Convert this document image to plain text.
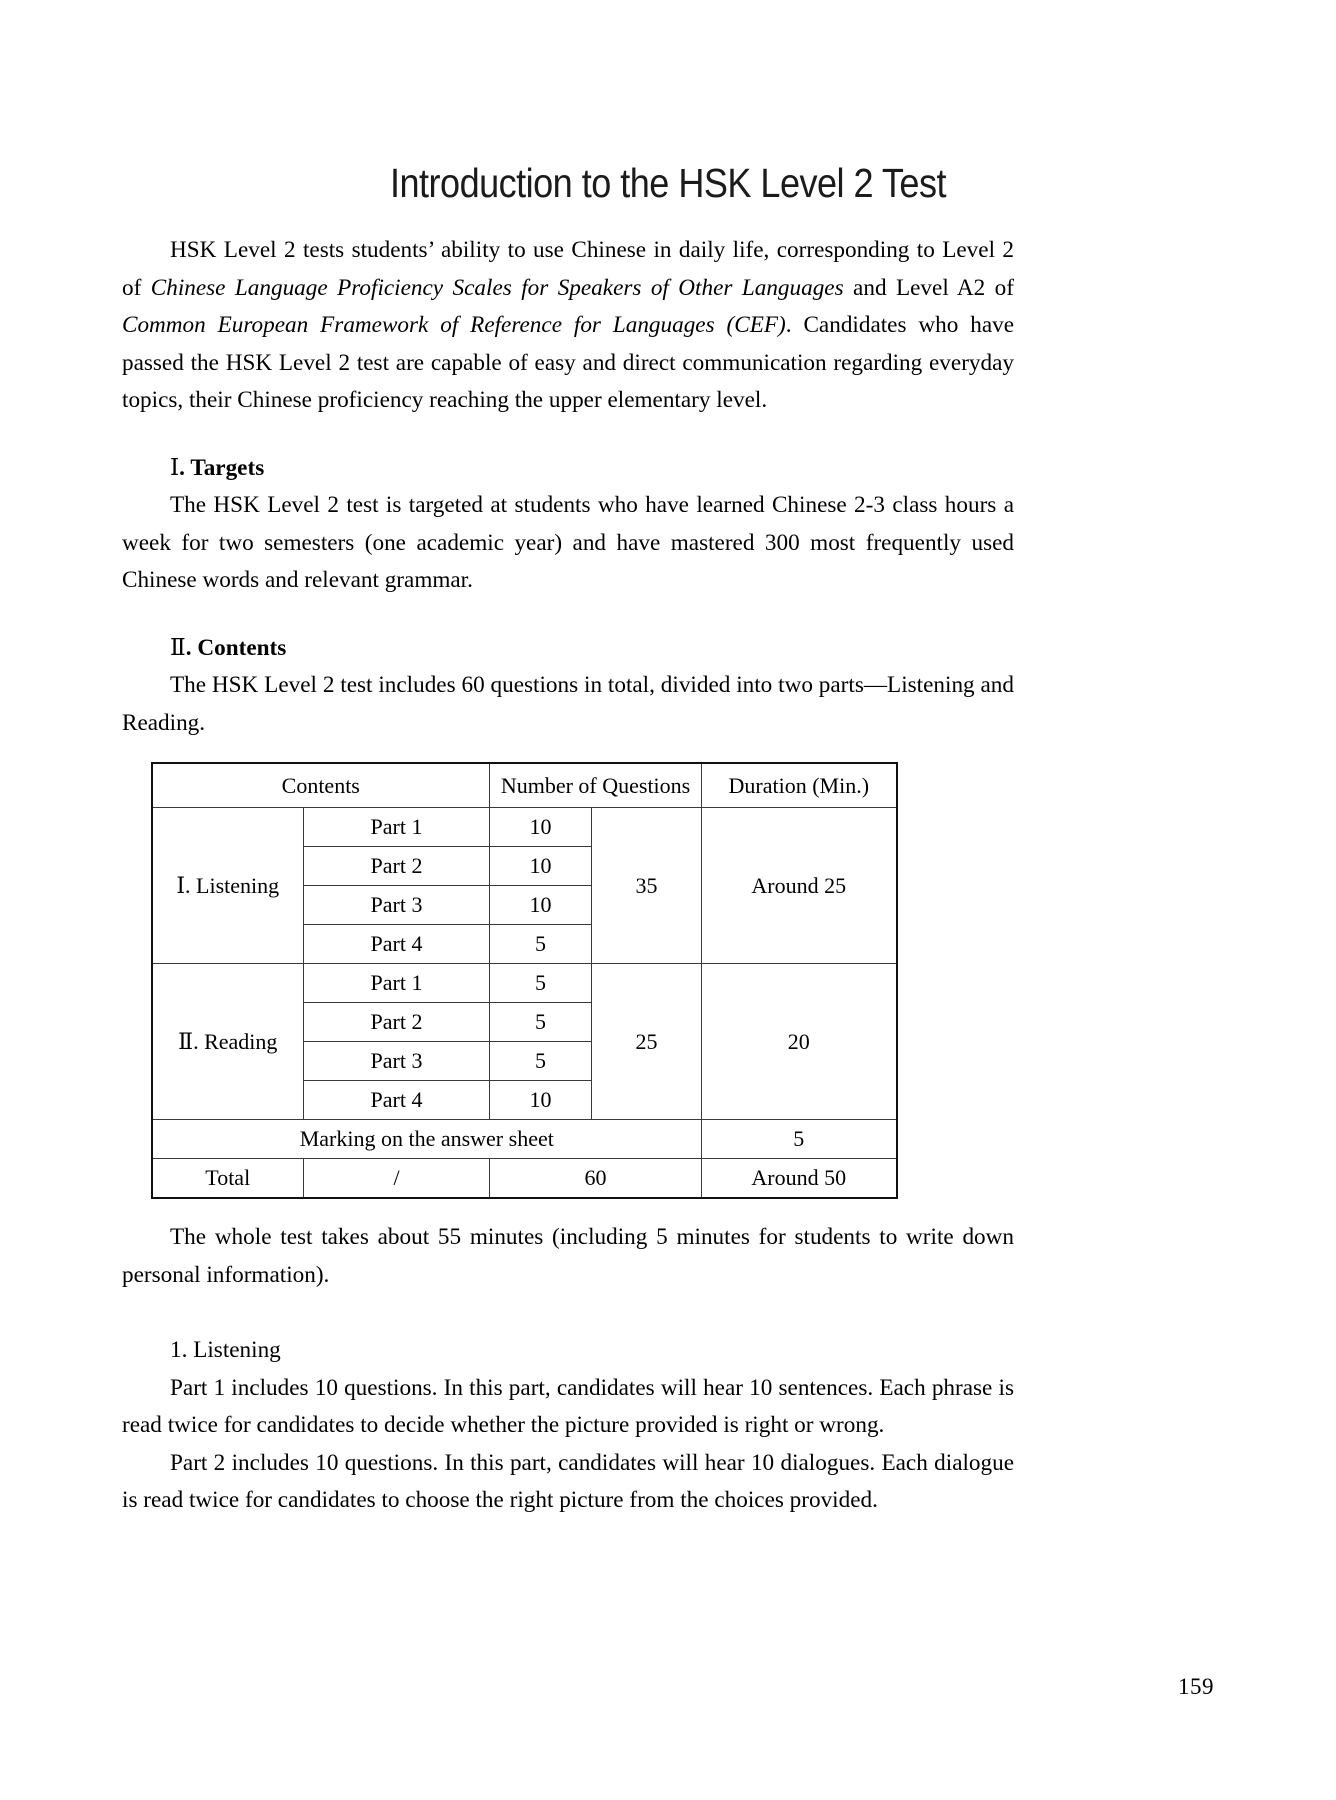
Introduction to the HSK Level 2 Test

HSK Level 2 tests students’ ability to use Chinese in daily life, corresponding to Level 2 of Chinese Language Proficiency Scales for Speakers of Other Languages and Level A2 of Common European Framework of Reference for Languages (CEF). Candidates who have passed the HSK Level 2 test are capable of easy and direct communication regarding everyday topics, their Chinese proficiency reaching the upper elementary level.

Ⅰ. Targets

The HSK Level 2 test is targeted at students who have learned Chinese 2-3 class hours a week for two semesters (one academic year) and have mastered 300 most frequently used Chinese words and relevant grammar.

Ⅱ. Contents

The HSK Level 2 test includes 60 questions in total, divided into two parts—Listening and Reading.

Contents		Number of Questions		Duration (Min.)
Ⅰ. Listening	Part 1	10	35	Around 25
	Part 2	10		
	Part 3	10		
	Part 4	5		
Ⅱ. Reading	Part 1	5	25	20
	Part 2	5		
	Part 3	5		
	Part 4	10		
Marking on the answer sheet				5
Total	/	60		Around 50

The whole test takes about 55 minutes (including 5 minutes for students to write down personal information).

1. Listening

Part 1 includes 10 questions. In this part, candidates will hear 10 sentences. Each phrase is read twice for candidates to decide whether the picture provided is right or wrong.

Part 2 includes 10 questions. In this part, candidates will hear 10 dialogues. Each dialogue is read twice for candidates to choose the right picture from the choices provided.

159
